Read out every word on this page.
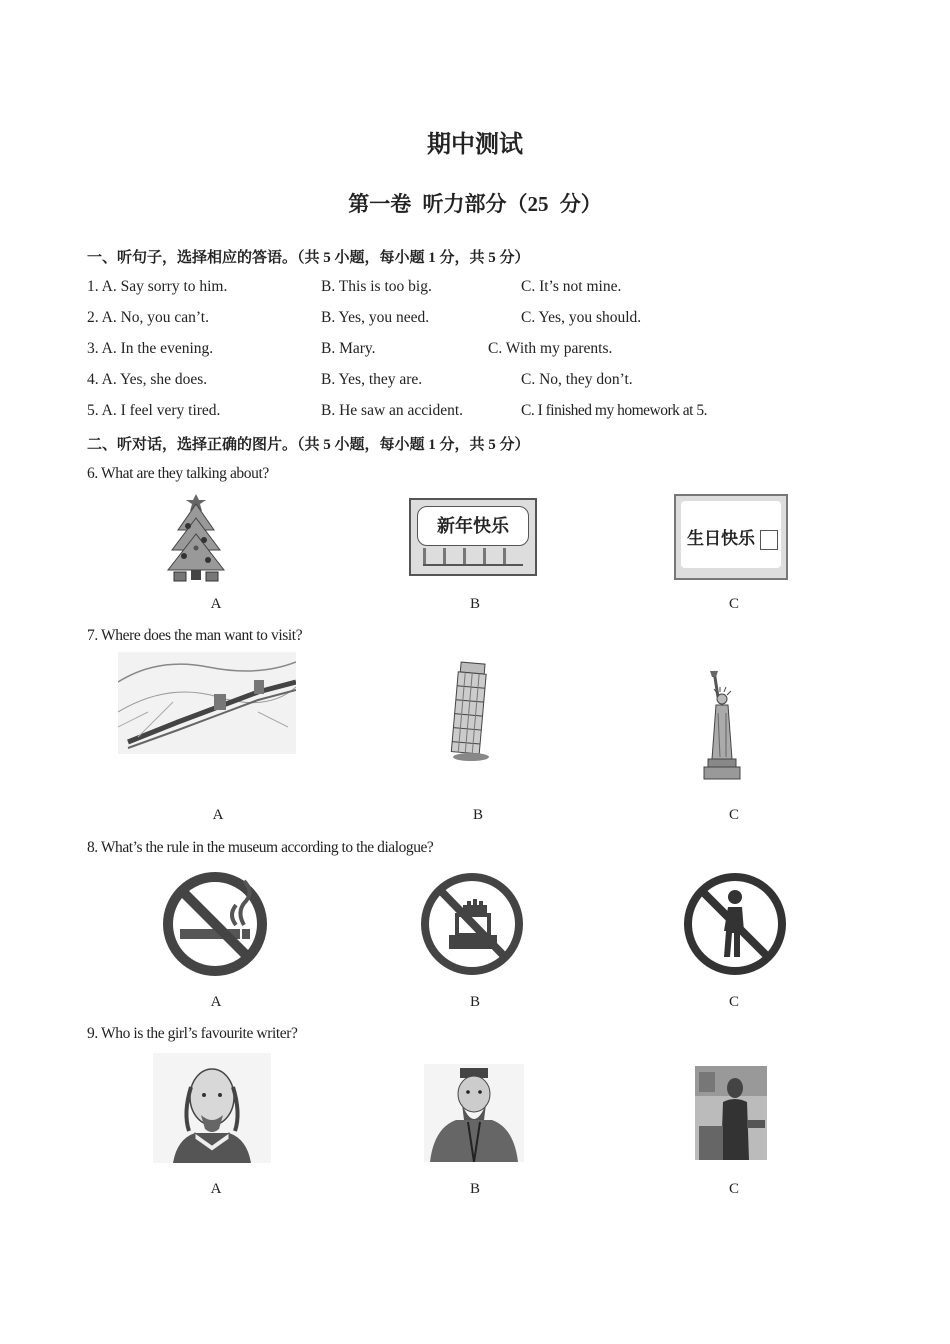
期中测试
第一卷 听力部分（25 分）
一、听句子，选择相应的答语。（共 5 小题，每小题 1 分，共 5 分）
1. A. Say sorry to him.	B. This is too big.	C. It’s not mine.
2. A. No, you can’t.	B. Yes, you need.	C. Yes, you should.
3. A. In the evening.	B. Mary.	C. With my parents.
4. A. Yes, she does.	B. Yes, they are.	C. No, they don’t.
5. A. I feel very tired.	B. He saw an accident.	C. I finished my homework at 5.
二、听对话，选择正确的图片。（共 5 小题，每小题 1 分，共 5 分）
6. What are they talking about?
新年快乐
生日快乐
A	B	C
7. Where does the man want to visit?
A	B	C
8. What’s the rule in the museum according to the dialogue?
A	B	C
9. Who is the girl’s favourite writer?
A	B	C
